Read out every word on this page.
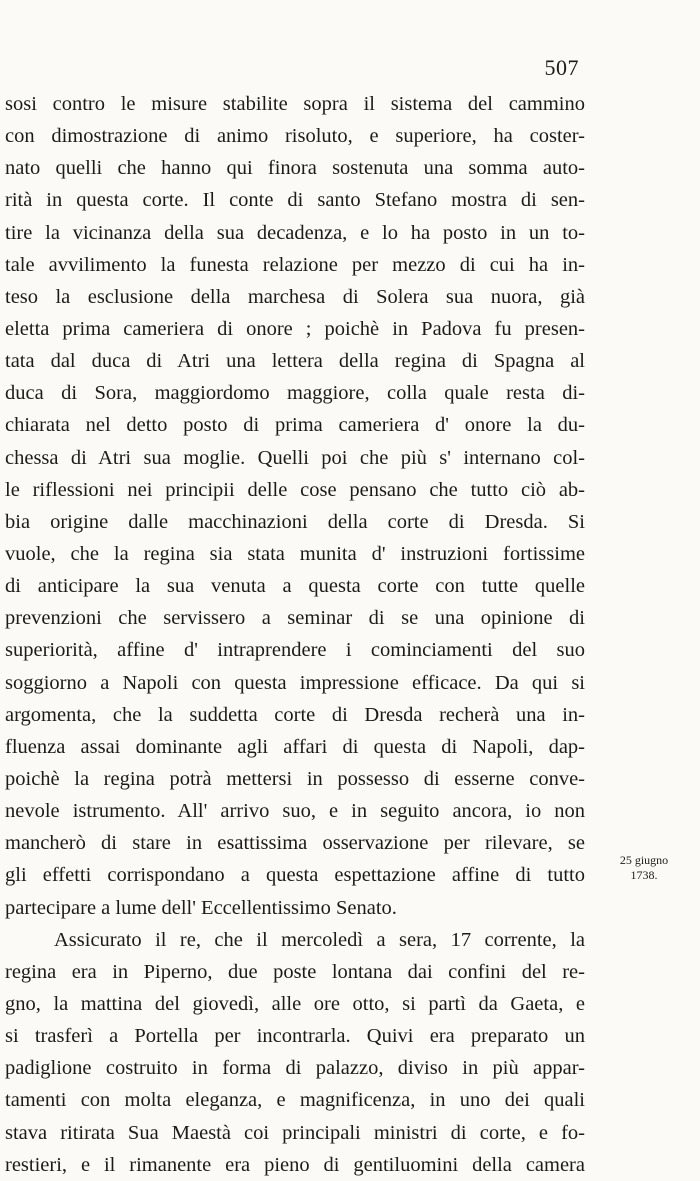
507
sosi contro le misure stabilite sopra il sistema del cammino
con dimostrazione di animo risoluto, e superiore, ha coster-
nato quelli che hanno qui finora sostenuta una somma auto-
rità in questa corte. Il conte di santo Stefano mostra di sen-
tire la vicinanza della sua decadenza, e lo ha posto in un to-
tale avvilimento la funesta relazione per mezzo di cui ha in-
teso la esclusione della marchesa di Solera sua nuora, già
eletta prima cameriera di onore ; poichè in Padova fu presen-
tata dal duca di Atri una lettera della regina di Spagna al
duca di Sora, maggiordomo maggiore, colla quale resta di-
chiarata nel detto posto di prima cameriera d' onore la du-
chessa di Atri sua moglie. Quelli poi che più s' internano col-
le riflessioni nei principii delle cose pensano che tutto ciò ab-
bia origine dalle macchinazioni della corte di Dresda. Si
vuole, che la regina sia stata munita d' instruzioni fortissime
di anticipare la sua venuta a questa corte con tutte quelle
prevenzioni che servissero a seminar di se una opinione di
superiorità, affine d' intraprendere i cominciamenti del suo
soggiorno a Napoli con questa impressione efficace. Da qui si
argomenta, che la suddetta corte di Dresda recherà una in-
fluenza assai dominante agli affari di questa di Napoli, dap-
poichè la regina potrà mettersi in possesso di esserne conve-
nevole istrumento. All' arrivo suo, e in seguito ancora, io non
mancherò di stare in esattissima osservazione per rilevare, se
gli effetti corrispondano a questa espettazione affine di tutto
partecipare a lume dell' Eccellentissimo Senato.
Assicurato il re, che il mercoledì a sera, 17 corrente, la
regina era in Piperno, due poste lontana dai confini del re-
gno, la mattina del giovedì, alle ore otto, si partì da Gaeta, e
si trasferì a Portella per incontrarla. Quivi era preparato un
padiglione costruito in forma di palazzo, diviso in più appar-
tamenti con molta eleganza, e magnificenza, in uno dei quali
stava ritirata Sua Maestà coi principali ministri di corte, e fo-
restieri, e il rimanente era pieno di gentiluomini della camera
25 giugno
1738.
